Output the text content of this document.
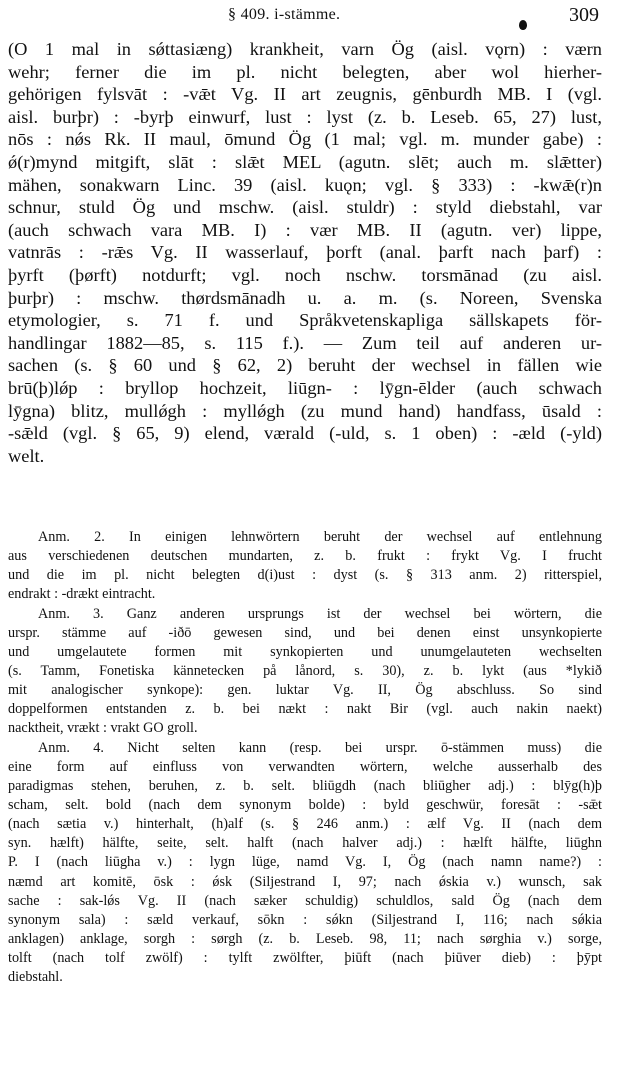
§ 409. i-stämme.	309
(O 1 mal in sǿttasiæng) krankheit, varn Ög (aisl. vǫrn) : værn
wehr; ferner die im pl. nicht belegten, aber wol hierher-
gehörigen fylsvāt : -vǣt Vg. II art zeugnis, gēnburdh MB. I (vgl.
aisl. burþr) : -byrþ einwurf, lust : lyst (z. b. Leseb. 65, 27) lust,
nōs : nǿs Rk. II maul, ōmund Ög (1 mal; vgl. m. munder gabe) :
ǿ(r)mynd mitgift, slāt : slǣt MEL (agutn. slēt; auch m. slǣtter)
mähen, sonakwarn Linc. 39 (aisl. kuǫn; vgl. § 333) : -kwǣ(r)n
schnur, stuld Ög und mschw. (aisl. stuldr) : styld diebstahl, var
(auch schwach vara MB. I) : vær MB. II (agutn. ver) lippe,
vatnrās : -rǣs Vg. II wasserlauf, þorft (anal. þarft nach þarf) :
þyrft (þørft) notdurft; vgl. noch nschw. torsmānad (zu aisl.
þurþr) : mschw. thørdsmānadh u. a. m. (s. Noreen, Svenska
etymologier, s. 71 f. und Språkvetenskapliga sällskapets för-
handlingar 1882—85, s. 115 f.). — Zum teil auf anderen ur-
sachen (s. § 60 und § 62, 2) beruht der wechsel in fällen wie
brū(þ)lǿp : bryllop hochzeit, liūgn- : lȳgn-ēlder (auch schwach
lȳgna) blitz, mullǿgh : myllǿgh (zu mund hand) handfass, ūsald :
-sǣld (vgl. § 65, 9) elend, værald (-uld, s. 1 oben) : -æld (-yld)
welt.
Anm. 2. In einigen lehnwörtern beruht der wechsel auf entlehnung
aus verschiedenen deutschen mundarten, z. b. frukt : frykt Vg. I frucht
und die im pl. nicht belegten d(i)ust : dyst (s. § 313 anm. 2) ritterspiel,
endrakt : -drækt eintracht.
Anm. 3. Ganz anderen ursprungs ist der wechsel bei wörtern, die
urspr. stämme auf -iðō gewesen sind, und bei denen einst unsynkopierte
und umgelautete formen mit synkopierten und unumgelauteten wechselten
(s. Tamm, Fonetiska kännetecken på lånord, s. 30), z. b. lykt (aus *lykið
mit analogischer synkope): gen. luktar Vg. II, Ög abschluss. So sind
doppelformen entstanden z. b. bei nækt : nakt Bir (vgl. auch nakin naekt)
nacktheit, vrækt : vrakt GO groll.
Anm. 4. Nicht selten kann (resp. bei urspr. ō-stämmen muss) die
eine form auf einfluss von verwandten wörtern, welche ausserhalb des
paradigmas stehen, beruhen, z. b. selt. bliūgdh (nach bliūgher adj.) : blȳg(h)þ
scham, selt. bold (nach dem synonym bolde) : byld geschwür, foresāt : -sǣt
(nach sætia v.) hinterhalt, (h)alf (s. § 246 anm.) : ælf Vg. II (nach dem
syn. hælft) hälfte, seite, selt. halft (nach halver adj.) : hælft hälfte, liūghn
P. I (nach liūgha v.) : lygn lüge, namd Vg. I, Ög (nach namn name?) :
næmd art komitē, ōsk : ǿsk (Siljestrand I, 97; nach ǿskia v.) wunsch, sak
sache : sak-lǿs Vg. II (nach sæker schuldig) schuldlos, sald Ög (nach dem
synonym sala) : sæld verkauf, sōkn : sǿkn (Siljestrand I, 116; nach sǿkia
anklagen) anklage, sorgh : sørgh (z. b. Leseb. 98, 11; nach sørghia v.) sorge,
tolft (nach tolf zwölf) : tylft zwölfter, þiūft (nach þiūver dieb) : þȳpt
diebstahl.
